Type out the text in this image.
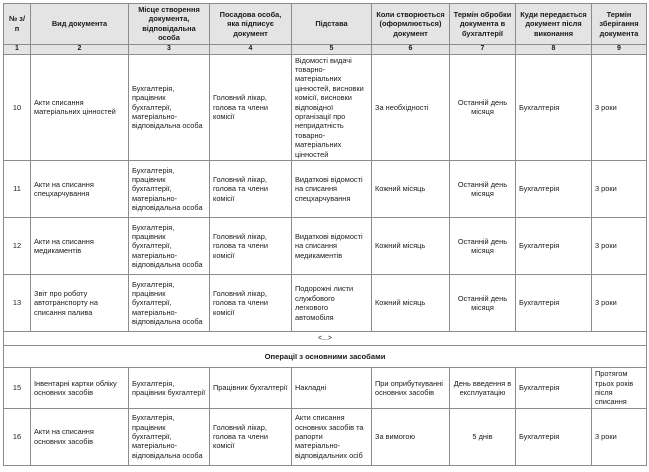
№ з/п	Вид документа	Місце створення документа, відповідальна особа	Посадова особа, яка підписує документ	Підстава	Коли створюється (оформлюється) документ	Термін обробки документа в бухгалтерії	Куди передається документ після виконання	Термін зберігання документа
1	2	3	4	5	6	7	8	9
10	Акти списання матеріальних цінностей	Бухгалтерія, працівник бухгалтерії, матеріально-відповідальна особа	Головний лікар, голова та члени комісії	Відомості видачі товарно-матеріальних цінностей, висновки комісії, висновки відповідної організації про непридатність товарно-матеріальних цінностей	За необхідності	Останній день місяця	Бухгалтерія	3 роки
11	Акти на списання спецхарчування	Бухгалтерія, працівник бухгалтерії, матеріально-відповідальна особа	Головний лікар, голова та члени комісії	Видаткові відомості на списання спецхарчування	Кожний місяць	Останній день місяця	Бухгалтерія	3 роки
12	Акти на списання медикаментів	Бухгалтерія, працівник бухгалтерії, матеріально-відповідальна особа	Головний лікар, голова та члени комісії	Видаткові відомості на списання медикаментів	Кожний місяць	Останній день місяця	Бухгалтерія	3 роки
13	Звіт про роботу автотранспорту на списання палива	Бухгалтерія, працівник бухгалтерії, матеріально-відповідальна особа	Головний лікар, голова та члени комісії	Подорожні листи службового легкового автомобіля	Кожний місяць	Останній день місяця	Бухгалтерія	3 роки
<...>								
Операції з основними засобами								
15	Інвентарні картки обліку основних засобів	Бухгалтерія, працівник бухгалтерії	Працівник бухгалтерії	Накладні	При оприбуткуванні основних засобів	День введення в експлуатацію	Бухгалтерія	Протягом трьох років після списання
16	Акти на списання основних засобів	Бухгалтерія, працівник бухгалтерії, матеріально-відповідальна особа	Головний лікар, голова та члени комісії	Акти списання основних засобів та рапорти матеріально-відповідальних осіб	За вимогою	5 днів	Бухгалтерія	3 роки
